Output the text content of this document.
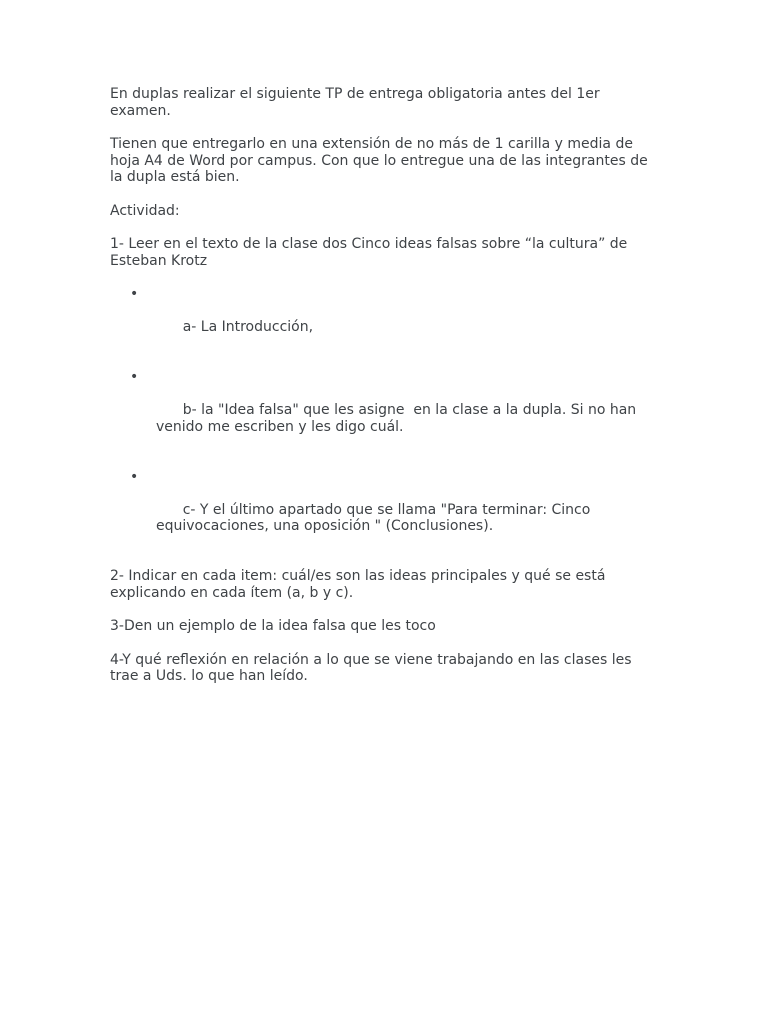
En duplas realizar el siguiente TP de entrega obligatoria antes del 1er examen.

Tienen que entregarlo en una extensión de no más de 1 carilla y media de hoja A4 de Word por campus. Con que lo entregue una de las integrantes de la dupla está bien.

Actividad:

1- Leer en el texto de la clase dos Cinco ideas falsas sobre “la cultura” de Esteban Krotz

•

a- La Introducción,

•

b- la "Idea falsa" que les asigne  en la clase a la dupla. Si no han venido me escriben y les digo cuál.

•

c- Y el último apartado que se llama "Para terminar: Cinco equivocaciones, una oposición " (Conclusiones).

2- Indicar en cada item: cuál/es son las ideas principales y qué se está explicando en cada ítem (a, b y c).

3-Den un ejemplo de la idea falsa que les toco

4-Y qué reflexión en relación a lo que se viene trabajando en las clases les trae a Uds. lo que han leído.
